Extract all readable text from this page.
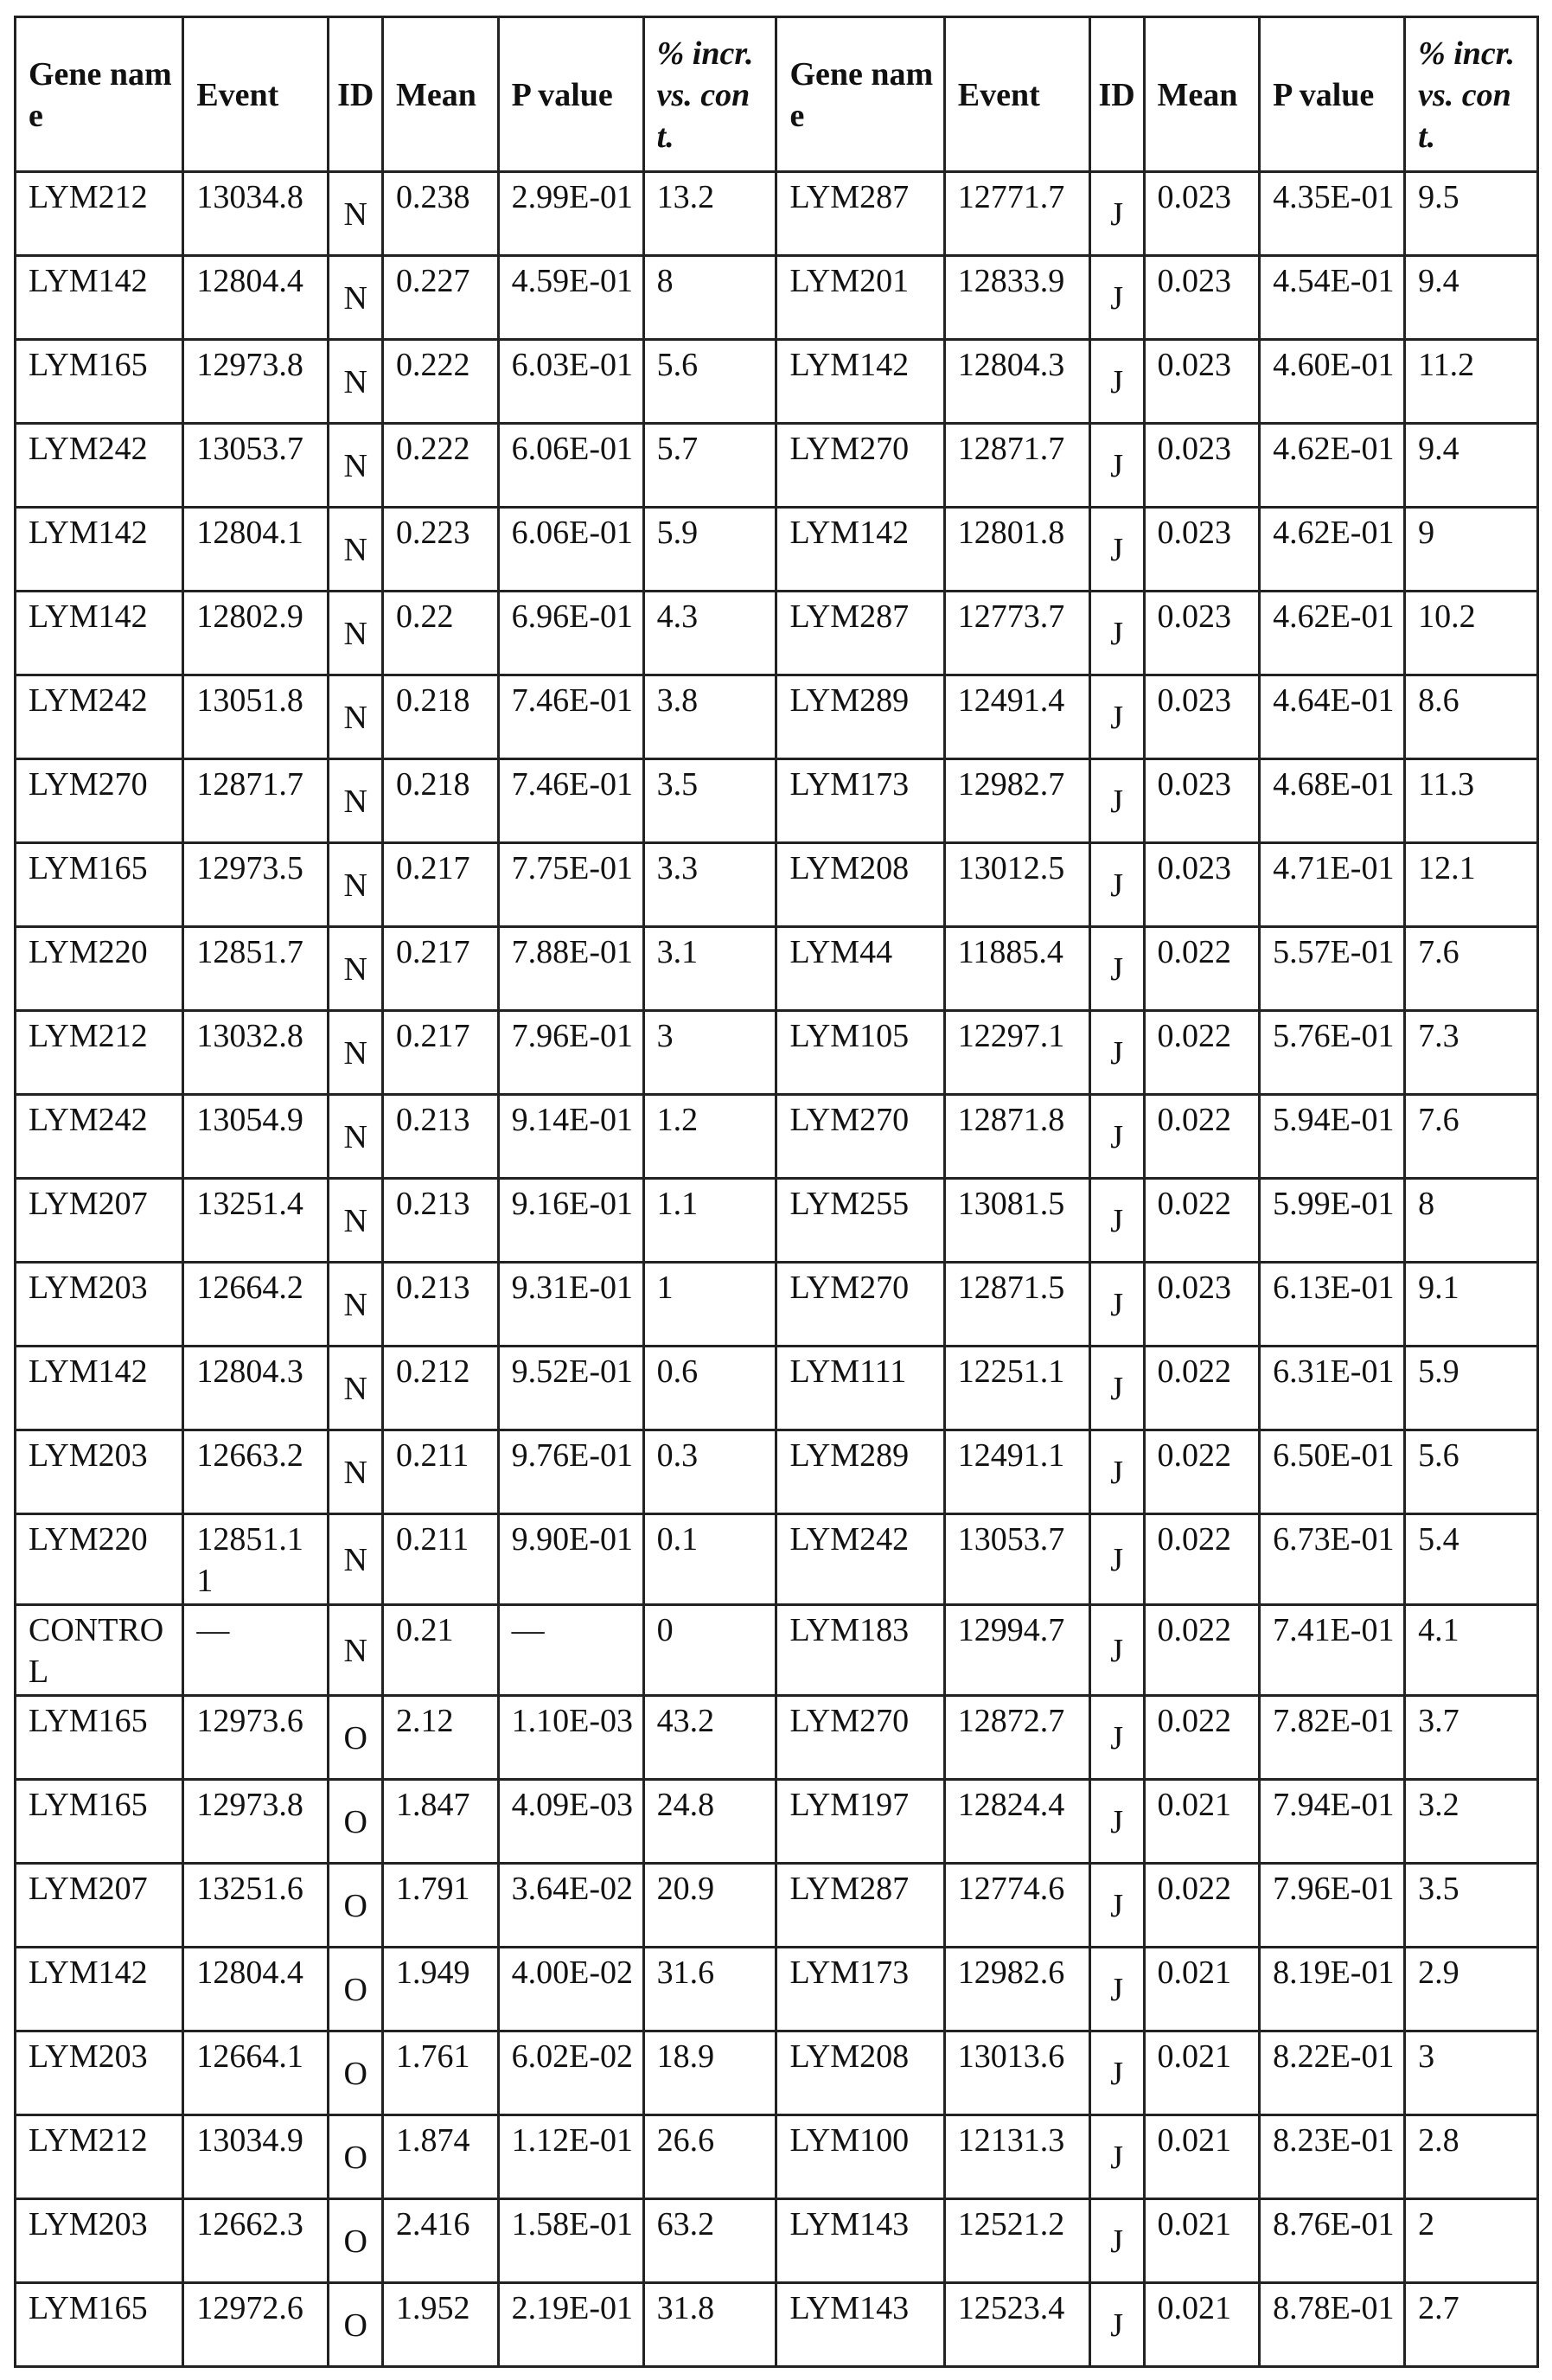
Gene name	Event	ID	Mean	P value	% incr. vs. cont.	Gene name	Event	ID	Mean	P value	% incr. vs. cont.
LYM212	13034.8	N	0.238	2.99E-01	13.2	LYM287	12771.7	J	0.023	4.35E-01	9.5
LYM142	12804.4	N	0.227	4.59E-01	8	LYM201	12833.9	J	0.023	4.54E-01	9.4
LYM165	12973.8	N	0.222	6.03E-01	5.6	LYM142	12804.3	J	0.023	4.60E-01	11.2
LYM242	13053.7	N	0.222	6.06E-01	5.7	LYM270	12871.7	J	0.023	4.62E-01	9.4
LYM142	12804.1	N	0.223	6.06E-01	5.9	LYM142	12801.8	J	0.023	4.62E-01	9
LYM142	12802.9	N	0.22	6.96E-01	4.3	LYM287	12773.7	J	0.023	4.62E-01	10.2
LYM242	13051.8	N	0.218	7.46E-01	3.8	LYM289	12491.4	J	0.023	4.64E-01	8.6
LYM270	12871.7	N	0.218	7.46E-01	3.5	LYM173	12982.7	J	0.023	4.68E-01	11.3
LYM165	12973.5	N	0.217	7.75E-01	3.3	LYM208	13012.5	J	0.023	4.71E-01	12.1
LYM220	12851.7	N	0.217	7.88E-01	3.1	LYM44	11885.4	J	0.022	5.57E-01	7.6
LYM212	13032.8	N	0.217	7.96E-01	3	LYM105	12297.1	J	0.022	5.76E-01	7.3
LYM242	13054.9	N	0.213	9.14E-01	1.2	LYM270	12871.8	J	0.022	5.94E-01	7.6
LYM207	13251.4	N	0.213	9.16E-01	1.1	LYM255	13081.5	J	0.022	5.99E-01	8
LYM203	12664.2	N	0.213	9.31E-01	1	LYM270	12871.5	J	0.023	6.13E-01	9.1
LYM142	12804.3	N	0.212	9.52E-01	0.6	LYM111	12251.1	J	0.022	6.31E-01	5.9
LYM203	12663.2	N	0.211	9.76E-01	0.3	LYM289	12491.1	J	0.022	6.50E-01	5.6
LYM220	12851.11	N	0.211	9.90E-01	0.1	LYM242	13053.7	J	0.022	6.73E-01	5.4
CONTROL	—	N	0.21	—	0	LYM183	12994.7	J	0.022	7.41E-01	4.1
LYM165	12973.6	O	2.12	1.10E-03	43.2	LYM270	12872.7	J	0.022	7.82E-01	3.7
LYM165	12973.8	O	1.847	4.09E-03	24.8	LYM197	12824.4	J	0.021	7.94E-01	3.2
LYM207	13251.6	O	1.791	3.64E-02	20.9	LYM287	12774.6	J	0.022	7.96E-01	3.5
LYM142	12804.4	O	1.949	4.00E-02	31.6	LYM173	12982.6	J	0.021	8.19E-01	2.9
LYM203	12664.1	O	1.761	6.02E-02	18.9	LYM208	13013.6	J	0.021	8.22E-01	3
LYM212	13034.9	O	1.874	1.12E-01	26.6	LYM100	12131.3	J	0.021	8.23E-01	2.8
LYM203	12662.3	O	2.416	1.58E-01	63.2	LYM143	12521.2	J	0.021	8.76E-01	2
LYM165	12972.6	O	1.952	2.19E-01	31.8	LYM143	12523.4	J	0.021	8.78E-01	2.7
